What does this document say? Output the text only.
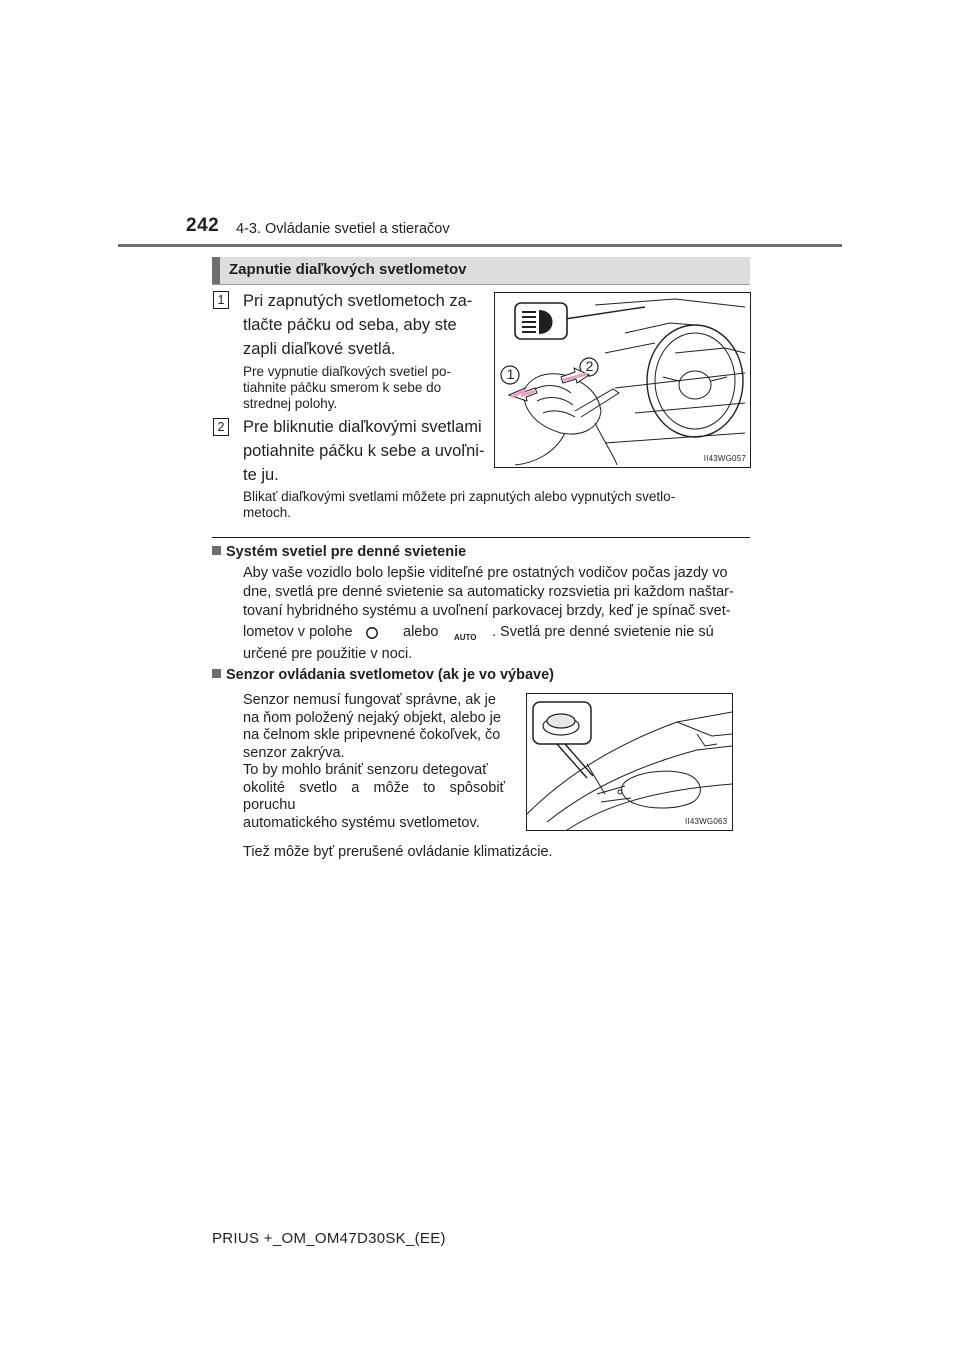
242 4-3. Ovládanie svetiel a stieračov
Zapnutie diaľkových svetlometov
1 Pri zapnutých svetlometoch za-
tlačte páčku od seba, aby ste
zapli diaľkové svetlá.
Pre vypnutie diaľkových svetiel po-
tiahnite páčku smerom k sebe do
strednej polohy.
2 Pre bliknutie diaľkovými svetlami
potiahnite páčku k sebe a uvoľni-
te ju.
Blikať diaľkovými svetlami môžete pri zapnutých alebo vypnutých svetlo-
metoch.
1	2
II43WG057
Systém svetiel pre denné svietenie
Aby vaše vozidlo bolo lepšie viditeľné pre ostatných vodičov počas jazdy vo
dne, svetlá pre denné svietenie sa automaticky rozsvietia pri každom naštar-
tovaní hybridného systému a uvoľnení parkovacej brzdy, keď je spínač svet-
lometov v polohe	alebo AUTO . Svetlá pre denné svietenie nie sú
určené pre použitie v noci.
Senzor ovládania svetlometov (ak je vo výbave)
Senzor nemusí fungovať správne, ak je
na ňom položený nejaký objekt, alebo je
na čelnom skle pripevnené čokoľvek, čo
senzor zakrýva.
To by mohlo brániť senzoru detegovať
okolité svetlo a môže to spôsobiť poruchu
automatického systému svetlometov.	II43WG063
Tiež môže byť prerušené ovládanie klimatizácie.
PRIUS +_OM_OM47D30SK_(EE)
